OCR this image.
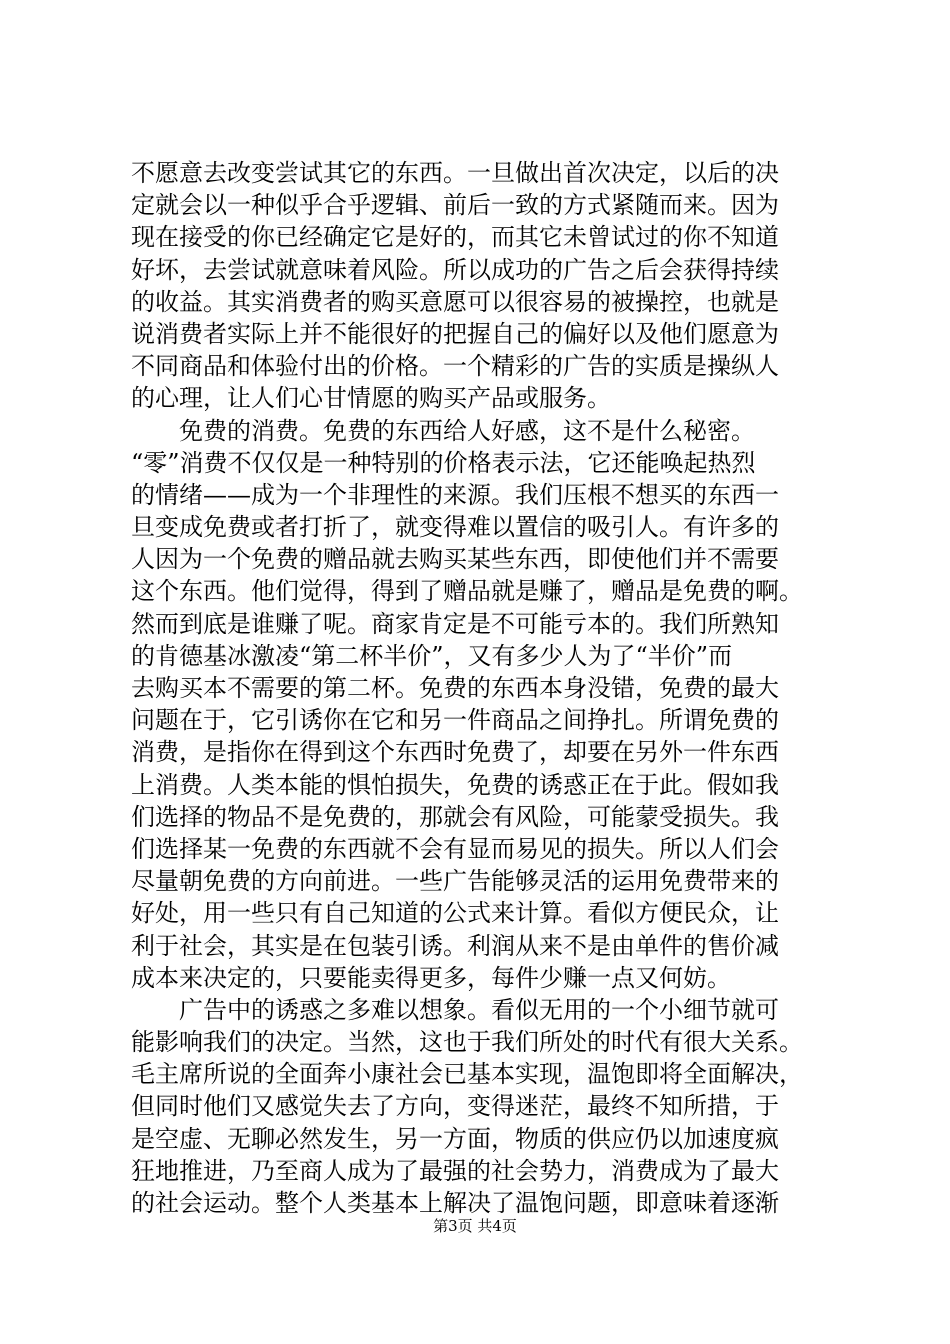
不愿意去改变尝试其它的东西。一旦做出首次决定，以后的决
定就会以一种似乎合乎逻辑、前后一致的方式紧随而来。因为
现在接受的你已经确定它是好的，而其它未曾试过的你不知道
好坏，去尝试就意味着风险。所以成功的广告之后会获得持续
的收益。其实消费者的购买意愿可以很容易的被操控，也就是
说消费者实际上并不能很好的把握自己的偏好以及他们愿意为
不同商品和体验付出的价格。一个精彩的广告的实质是操纵人
的心理，让人们心甘情愿的购买产品或服务。
　　免费的消费。免费的东西给人好感，这不是什么秘密。
“零”消费不仅仅是一种特别的价格表示法，它还能唤起热烈
的情绪——成为一个非理性的来源。我们压根不想买的东西一
旦变成免费或者打折了，就变得难以置信的吸引人。有许多的
人因为一个免费的赠品就去购买某些东西，即使他们并不需要
这个东西。他们觉得，得到了赠品就是赚了，赠品是免费的啊。
然而到底是谁赚了呢。商家肯定是不可能亏本的。我们所熟知
的肯德基冰激凌“第二杯半价”，又有多少人为了“半价”而
去购买本不需要的第二杯。免费的东西本身没错，免费的最大
问题在于，它引诱你在它和另一件商品之间挣扎。所谓免费的
消费，是指你在得到这个东西时免费了，却要在另外一件东西
上消费。人类本能的惧怕损失，免费的诱惑正在于此。假如我
们选择的物品不是免费的，那就会有风险，可能蒙受损失。我
们选择某一免费的东西就不会有显而易见的损失。所以人们会
尽量朝免费的方向前进。一些广告能够灵活的运用免费带来的
好处，用一些只有自己知道的公式来计算。看似方便民众，让
利于社会，其实是在包装引诱。利润从来不是由单件的售价减
成本来决定的，只要能卖得更多，每件少赚一点又何妨。
　　广告中的诱惑之多难以想象。看似无用的一个小细节就可
能影响我们的决定。当然，这也于我们所处的时代有很大关系。
毛主席所说的全面奔小康社会已基本实现，温饱即将全面解决，
但同时他们又感觉失去了方向，变得迷茫，最终不知所措，于
是空虚、无聊必然发生，另一方面，物质的供应仍以加速度疯
狂地推进，乃至商人成为了最强的社会势力，消费成为了最大
的社会运动。整个人类基本上解决了温饱问题，即意味着逐渐
第3页 共4页
